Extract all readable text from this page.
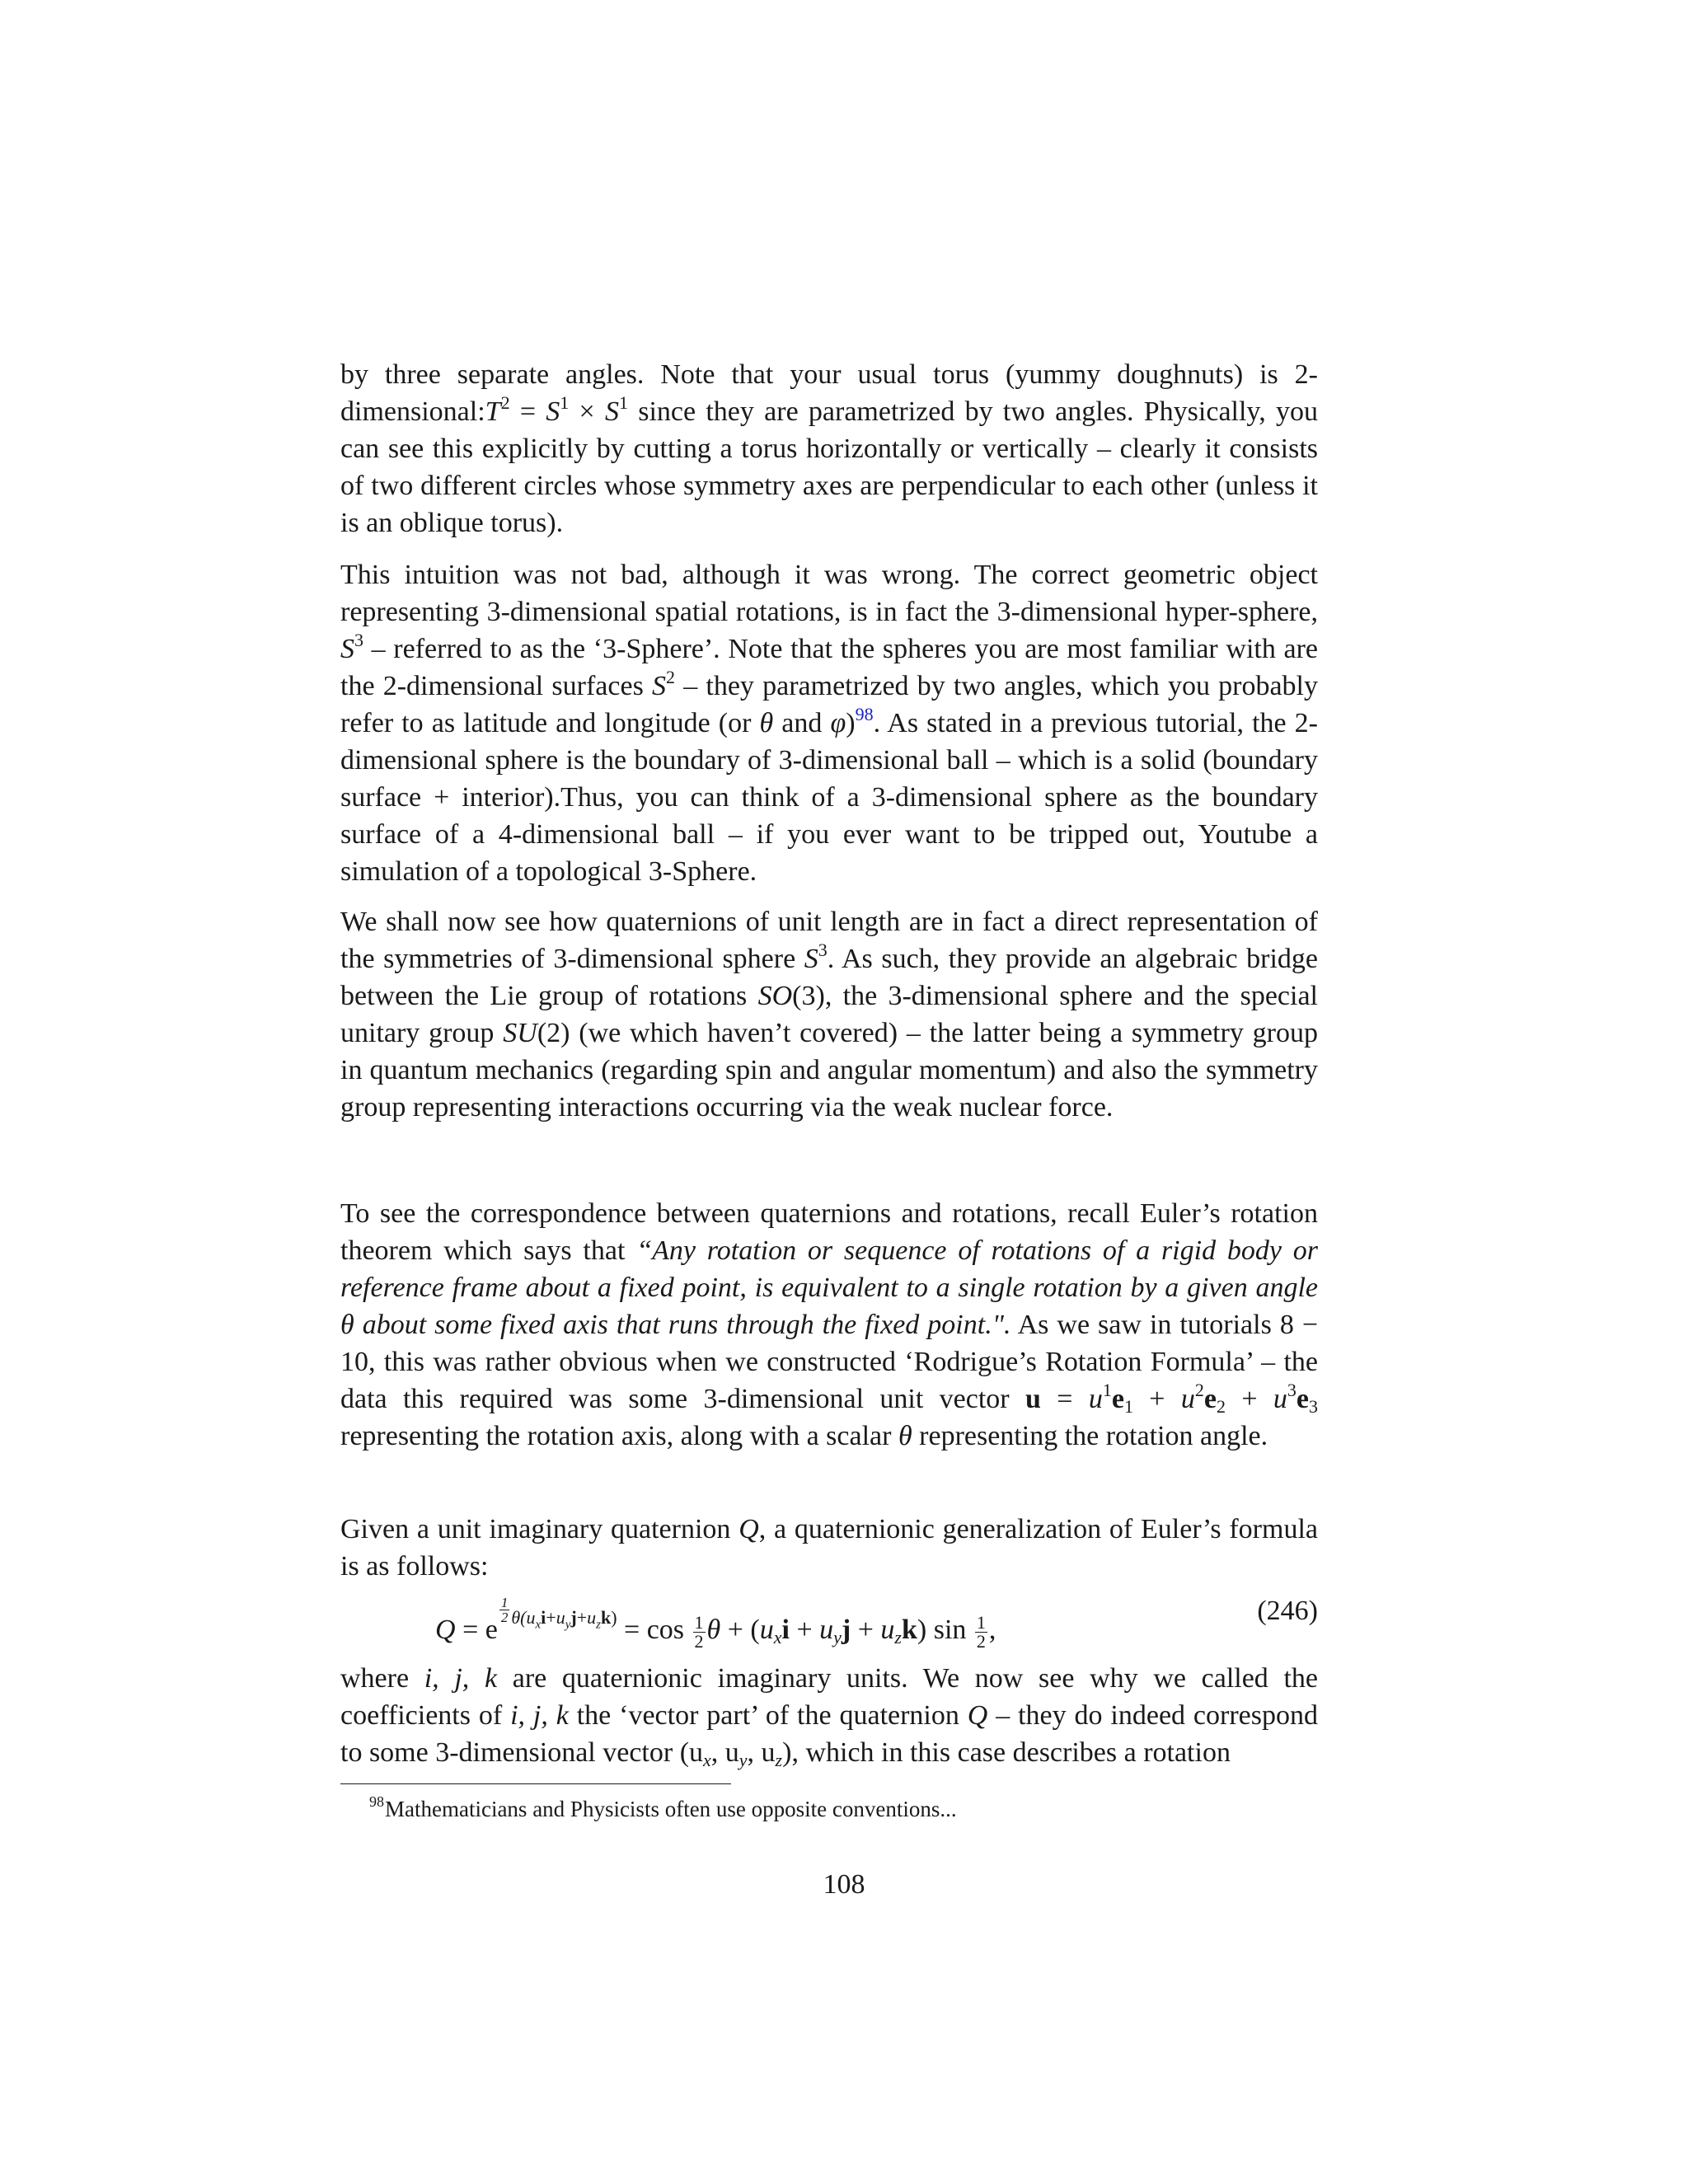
by three separate angles. Note that your usual torus (yummy doughnuts) is $2-dimensional:T^2 = S^1 \times S^1$ since they are parametrized by two angles. Physically, you can see this explicitly by cutting a torus horizontally or vertically – clearly it consists of two different circles whose symmetry axes are perpendicular to each other (unless it is an oblique torus).

This intuition was not bad, although it was wrong. The correct geometric object representing 3-dimensional spatial rotations, is in fact the 3-dimensional hyper-sphere, $S^3$ – referred to as the ‘3-Sphere’. Note that the spheres you are most familiar with are the 2-dimensional surfaces $S^2$ – they parametrized by two angles, which you probably refer to as latitude and longitude (or θ and φ)$^{98}$. As stated in a previous tutorial, the 2-dimensional sphere is the boundary of 3-dimensional ball – which is a solid (boundary surface + interior).Thus, you can think of a 3-dimensional sphere as the boundary surface of a 4-dimensional ball – if you ever want to be tripped out, Youtube a simulation of a topological 3-Sphere.

We shall now see how quaternions of unit length are in fact a direct representation of the symmetries of 3-dimensional sphere $S^3$. As such, they provide an algebraic bridge between the Lie group of rotations SO(3), the 3-dimensional sphere and the special unitary group SU(2) (we which haven’t covered) – the latter being a symmetry group in quantum mechanics (regarding spin and angular momentum) and also the symmetry group representing interactions occurring via the weak nuclear force.

To see the correspondence between quaternions and rotations, recall Euler’s rotation theorem which says that “Any rotation or sequence of rotations of a rigid body or reference frame about a fixed point, is equivalent to a single rotation by a given angle θ about some fixed axis that runs through the fixed point.". As we saw in tutorials 8 − 10, this was rather obvious when we constructed ‘Rodrigue’s Rotation Formula’ – the data this required was some 3-dimensional unit vector $u = u^1e_1 + u^2e_2 + u^3e_3$ representing the rotation axis, along with a scalar θ representing the rotation angle.

Given a unit imaginary quaternion Q, a quaternionic generalization of Euler’s formula is as follows:

Q = e
$\frac{1}{2} \theta(u_xi+u_yj+u_zk) = \cos \frac{1}{2}$ $\theta + (u_xi + u_yj + u_zk)$ $\sin \frac{1}{2}$ ,
(246)

where i, j, k are quaternionic imaginary units. We now see why we called the coefficients of i, j, k the ‘vector part’ of the quaternion Q – they do indeed correspond to some 3-dimensional vector ($u_x$, $u_y$, $u_z$), which in this case describes a rotation

$^{98}$Mathematicians and Physicists often use opposite conventions...
108
